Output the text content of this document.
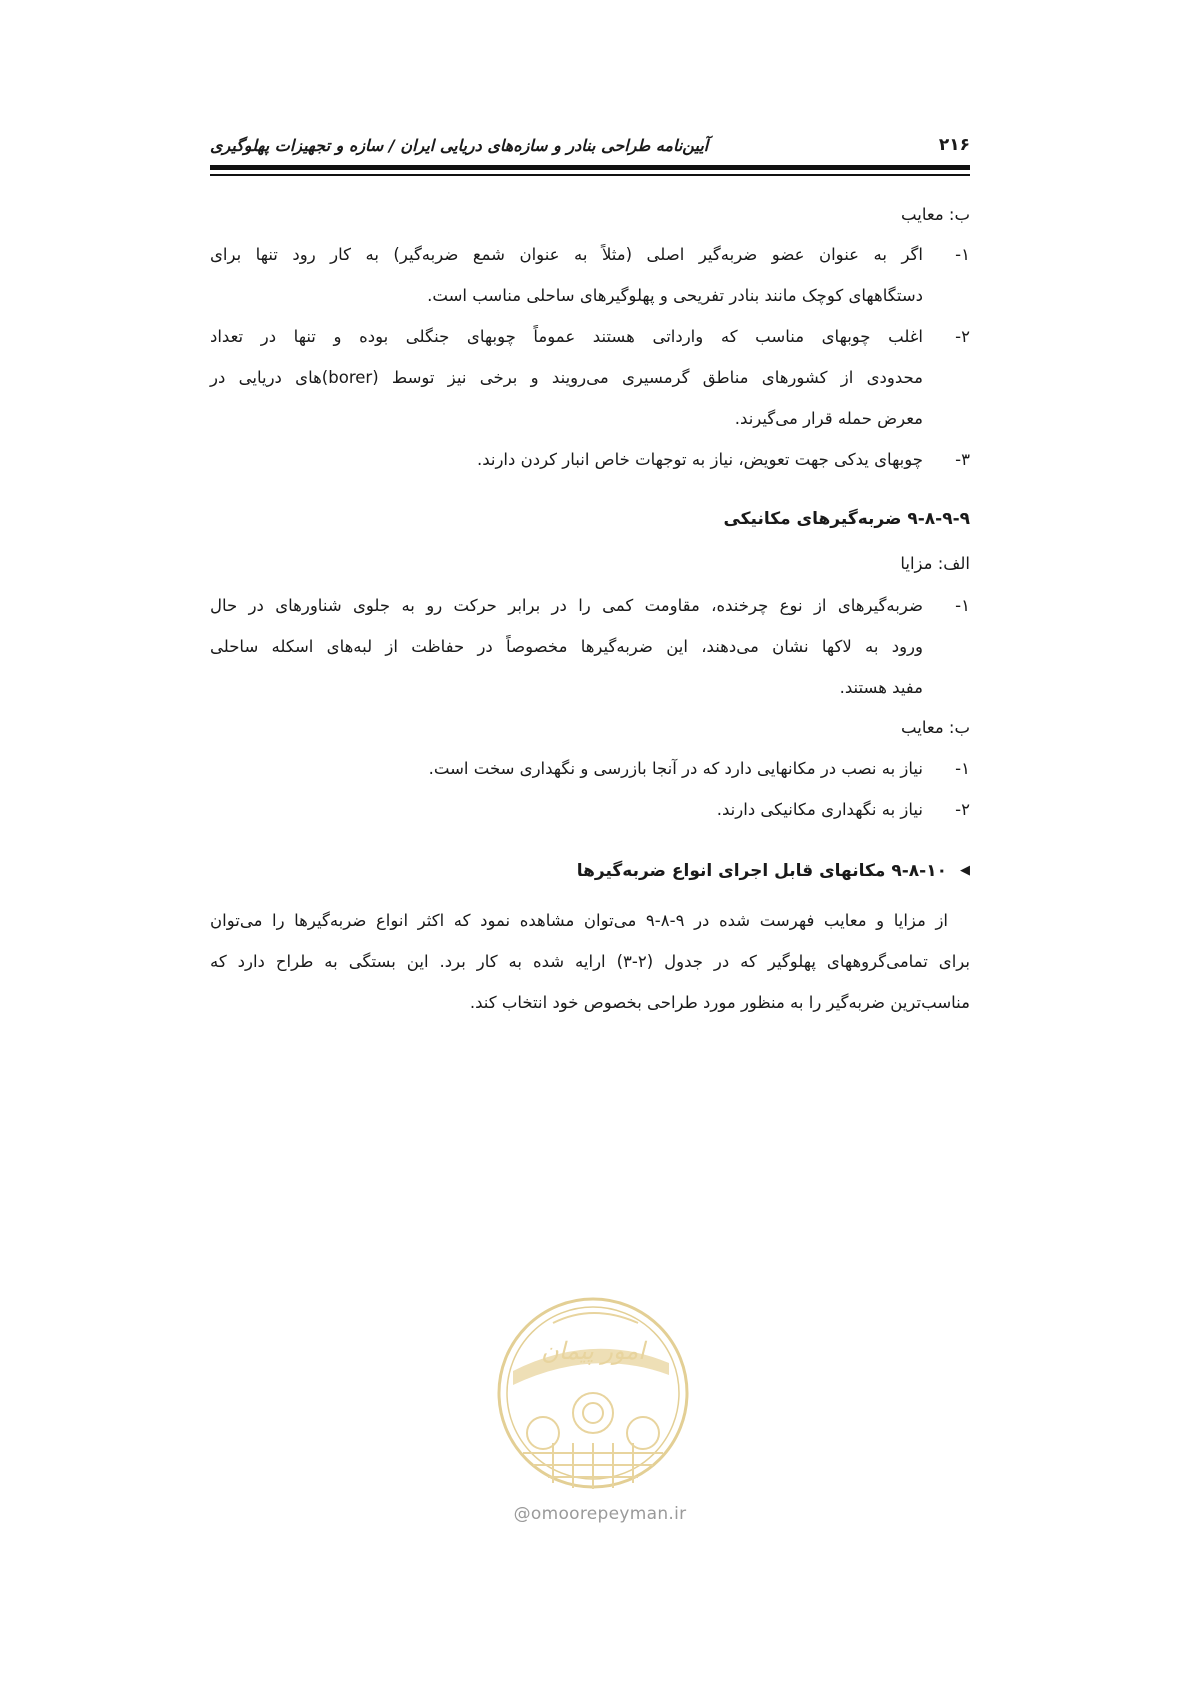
۲۱۶
آیین‌نامه طراحی بنادر و سازه‌های دریایی ایران / سازه و تجهیزات پهلوگیری
ب: معایب
۱-
اگر به عنوان عضو ضربه‌گیر اصلی (مثلاً به عنوان شمع ضربه‌گیر) به کار رود تنها برای
دستگاههای کوچک مانند بنادر تفریحی و پهلوگیرهای ساحلی مناسب است.
۲-
اغلب چوبهای مناسب که وارداتی هستند عموماً چوبهای جنگلی بوده و تنها در تعداد
محدودی از کشورهای مناطق گرمسیری می‌رویند و برخی نیز توسط (borer)های دریایی در
معرض حمله قرار می‌گیرند.
۳-
چوبهای یدکی جهت تعویض، نیاز به توجهات خاص انبار کردن دارند.
۹-۸-۹-۹ ضربه‌گیرهای مکانیکی
الف: مزایا
۱-
ضربه‌گیرهای از نوع چرخنده، مقاومت کمی را در برابر حرکت رو به جلوی شناورهای در حال
ورود به لاکها نشان می‌دهند، این ضربه‌گیرها مخصوصاً در حفاظت از لبه‌های اسکله ساحلی
مفید هستند.
ب: معایب
۱-
نیاز به نصب در مکانهایی دارد که در آنجا بازرسی و نگهداری سخت است.
۲-
نیاز به نگهداری مکانیکی دارند.
◀
۹-۸-۱۰ مکانهای قابل اجرای انواع ضربه‌گیرها
از مزایا و معایب فهرست شده در ۹-۸-۹ می‌توان مشاهده نمود که اکثر انواع ضربه‌گیرها را می‌توان
برای تمامی‌گروههای پهلوگیر که در جدول (۲-۳) ارایه شده به کار برد. این بستگی به طراح دارد که
مناسب‌ترین ضربه‌گیر را به منظور مورد طراحی بخصوص خود انتخاب کند.
امور پیمان
@omoorepeyman.ir
